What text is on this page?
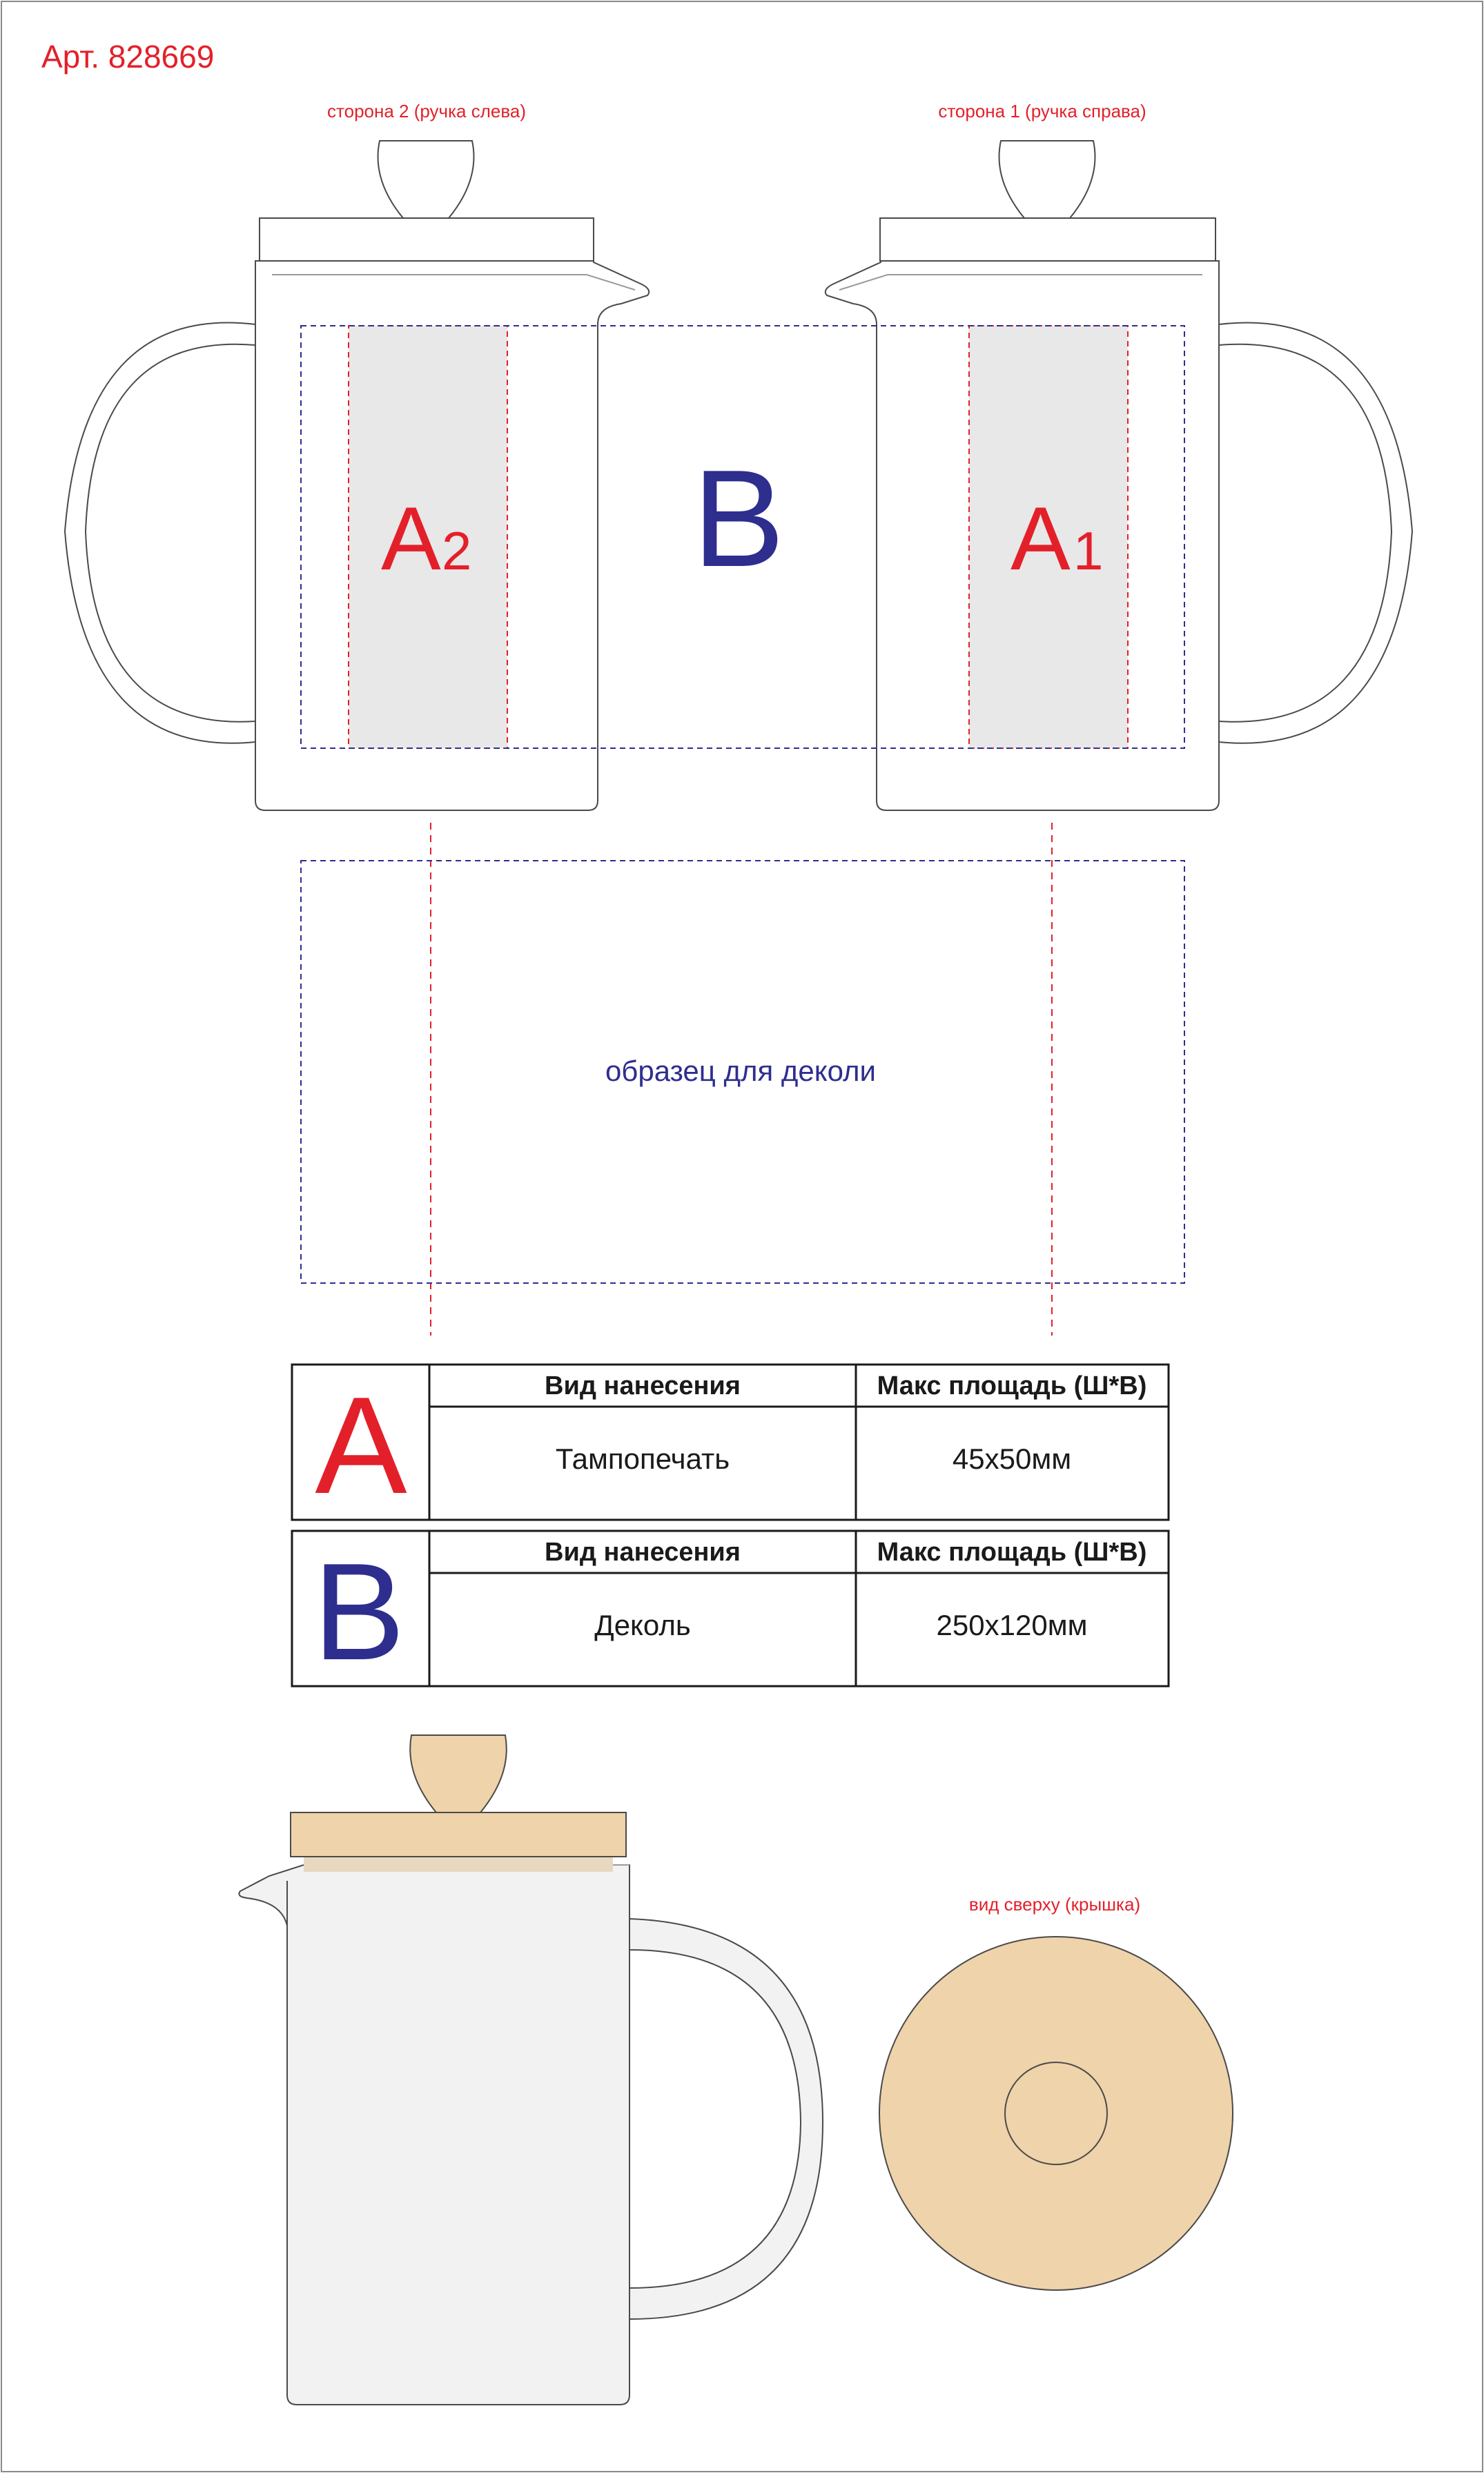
Арт. 828669
сторона 2 (ручка слева)
A 2
сторона 1 (ручка справа)
A 1
B
образец для деколи
A	Вид нанесения	Макс площадь (Ш*В)
Тампопечать	45x50мм
B	Вид нанесения	Макс площадь (Ш*В)
Деколь	250x120мм
вид сверху (крышка)
